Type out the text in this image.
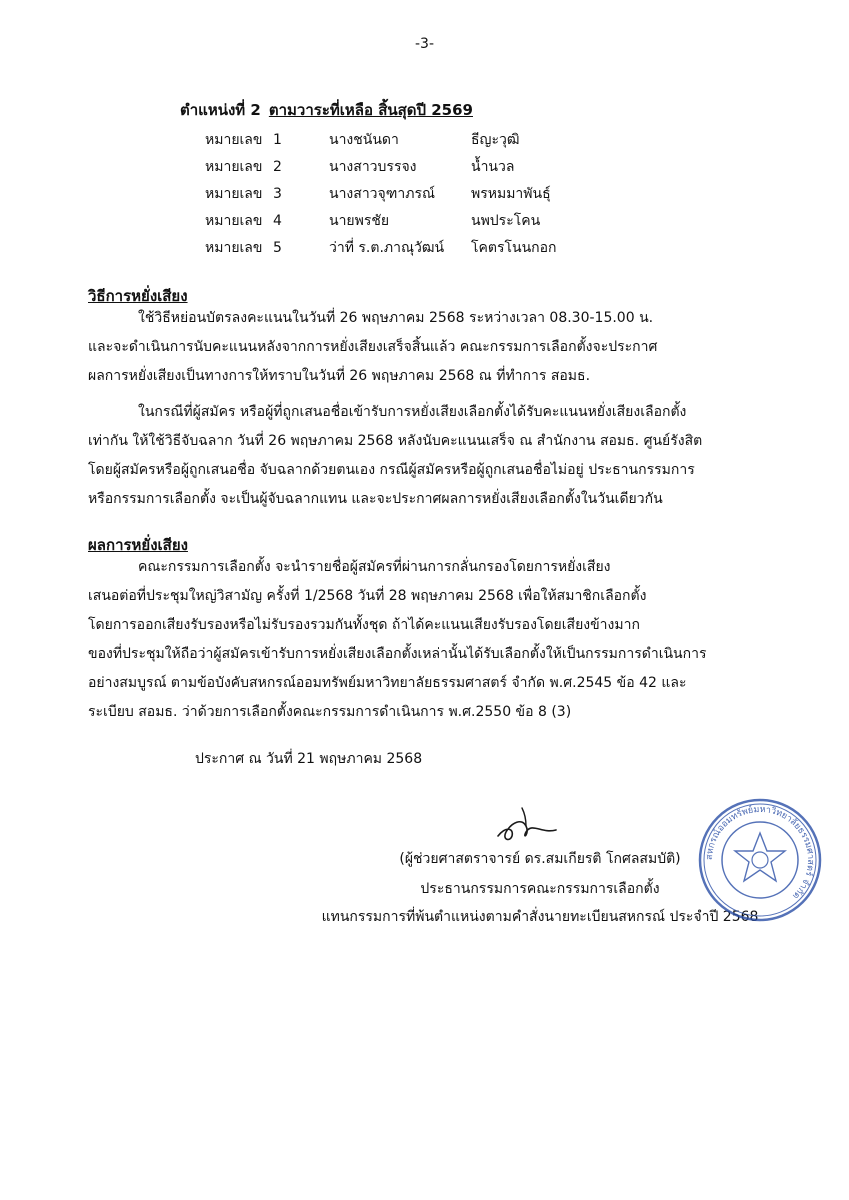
-3-
ตำแหน่งที่ 2 ตามวาระที่เหลือ สิ้นสุดปี 2569
หมายเลข 1	นางชนันดา	ธีญะวุฒิ
หมายเลข 2	นางสาวบรรจง	น้ำนวล
หมายเลข 3	นางสาวจุฑาภรณ์	พรหมมาพันธุ์
หมายเลข 4	นายพรชัย	นพประโคน
หมายเลข 5	ว่าที่ ร.ต.ภาณุวัฒน์	โคตรโนนกอก
วิธีการหยั่งเสียง
ใช้วิธีหย่อนบัตรลงคะแนนในวันที่ 26 พฤษภาคม 2568 ระหว่างเวลา 08.30-15.00 น.
และจะดำเนินการนับคะแนนหลังจากการหยั่งเสียงเสร็จสิ้นแล้ว คณะกรรมการเลือกตั้งจะประกาศ
ผลการหยั่งเสียงเป็นทางการให้ทราบในวันที่ 26 พฤษภาคม 2568 ณ ที่ทำการ สอมธ.
ในกรณีที่ผู้สมัคร หรือผู้ที่ถูกเสนอชื่อเข้ารับการหยั่งเสียงเลือกตั้งได้รับคะแนนหยั่งเสียงเลือกตั้ง
เท่ากัน ให้ใช้วิธีจับฉลาก วันที่ 26 พฤษภาคม 2568 หลังนับคะแนนเสร็จ ณ สำนักงาน สอมธ. ศูนย์รังสิต
โดยผู้สมัครหรือผู้ถูกเสนอชื่อ จับฉลากด้วยตนเอง กรณีผู้สมัครหรือผู้ถูกเสนอชื่อไม่อยู่ ประธานกรรมการ
หรือกรรมการเลือกตั้ง จะเป็นผู้จับฉลากแทน และจะประกาศผลการหยั่งเสียงเลือกตั้งในวันเดียวกัน
ผลการหยั่งเสียง
คณะกรรมการเลือกตั้ง จะนำรายชื่อผู้สมัครที่ผ่านการกลั่นกรองโดยการหยั่งเสียง
เสนอต่อที่ประชุมใหญ่วิสามัญ ครั้งที่ 1/2568 วันที่ 28 พฤษภาคม 2568 เพื่อให้สมาชิกเลือกตั้ง
โดยการออกเสียงรับรองหรือไม่รับรองรวมกันทั้งชุด ถ้าได้คะแนนเสียงรับรองโดยเสียงข้างมาก
ของที่ประชุมให้ถือว่าผู้สมัครเข้ารับการหยั่งเสียงเลือกตั้งเหล่านั้นได้รับเลือกตั้งให้เป็นกรรมการดำเนินการ
อย่างสมบูรณ์ ตามข้อบังคับสหกรณ์ออมทรัพย์มหาวิทยาลัยธรรมศาสตร์ จำกัด พ.ศ.2545 ข้อ 42 และ
ระเบียบ สอมธ. ว่าด้วยการเลือกตั้งคณะกรรมการดำเนินการ พ.ศ.2550 ข้อ 8 (3)
ประกาศ ณ วันที่ 21 พฤษภาคม 2568
(ผู้ช่วยศาสตราจารย์ ดร.สมเกียรติ โกศลสมบัติ)
ประธานกรรมการคณะกรรมการเลือกตั้ง
แทนกรรมการที่พ้นตำแหน่งตามคำสั่งนายทะเบียนสหกรณ์ ประจำปี 2568
สหกรณ์ออมทรัพย์มหาวิทยาลัยธรรมศาสตร์ จำกัด
